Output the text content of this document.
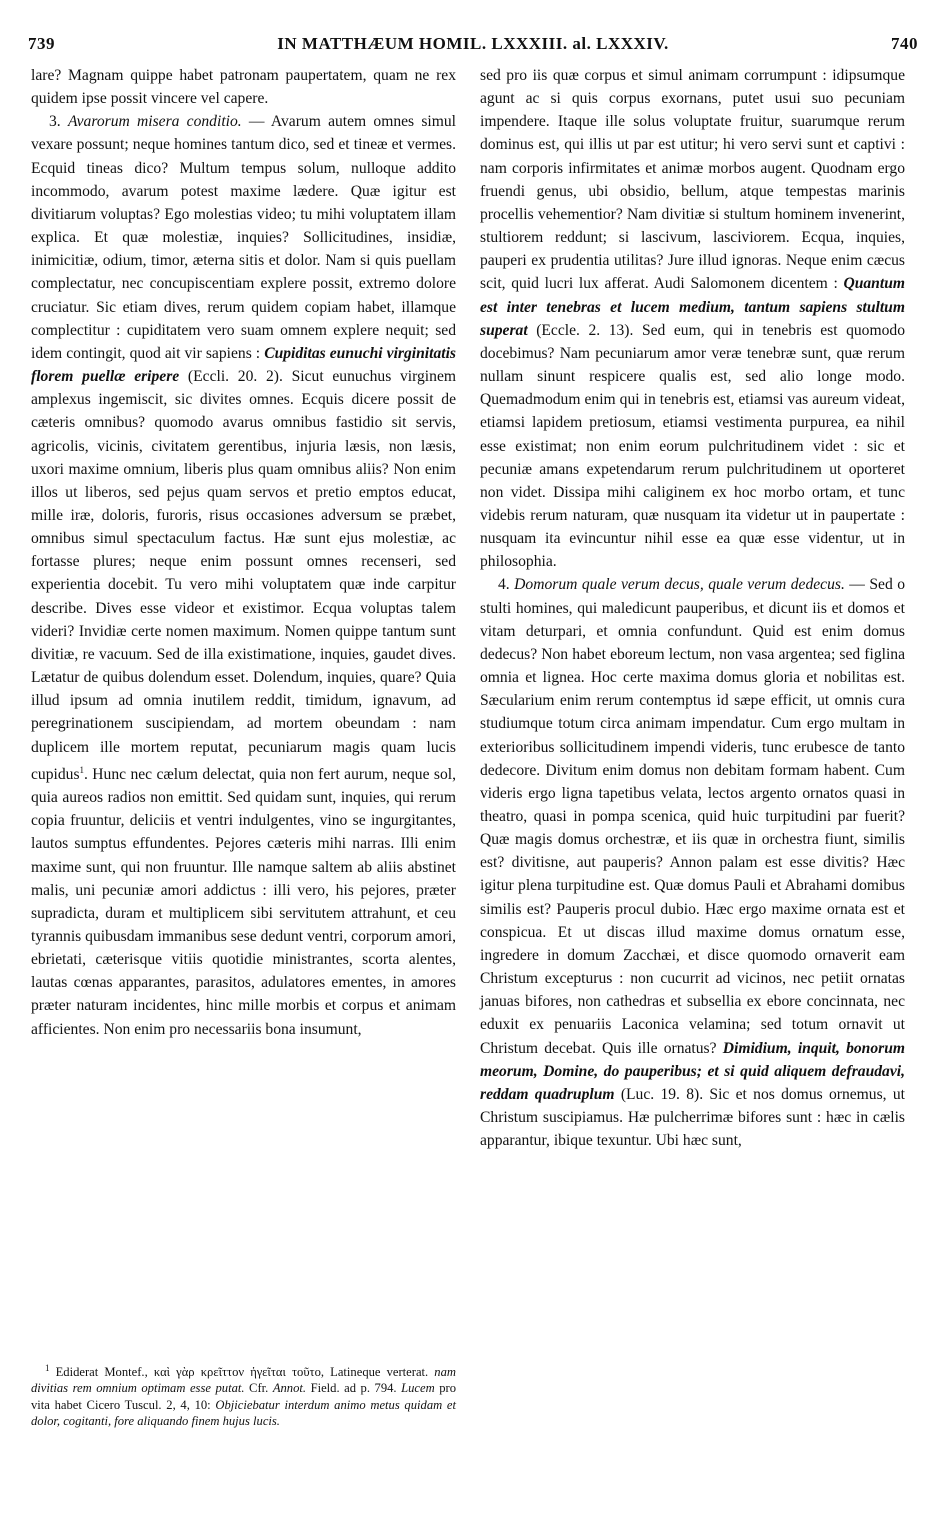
739	IN MATTHÆUM HOMIL. LXXXIII. al. LXXXIV.	740

lare? Magnam quippe habet patronam paupertatem, quam ne rex quidem ipse possit vincere vel capere.

3. Avarorum misera conditio. — Avarum autem omnes simul vexare possunt; neque homines tantum dico, sed et tineæ et vermes. Ecquid tineas dico? Multum tempus solum, nulloque addito incommodo, avarum potest maxime lædere. Quæ igitur est divitiarum voluptas? Ego molestias video; tu mihi voluptatem illam explica. Et quæ molestiæ, inquies? Sollicitudines, insidiæ, inimicitiæ, odium, timor, æterna sitis et dolor. Nam si quis puellam complectatur, nec concupiscentiam explere possit, extremo dolore cruciatur. Sic etiam dives, rerum quidem copiam habet, illamque complectitur : cupiditatem vero suam omnem explere nequit; sed idem contingit, quod ait vir sapiens : Cupiditas eunuchi virginitatis florem puellæ eripere (Eccli. 20. 2). Sicut eunuchus virginem amplexus ingemiscit, sic divites omnes. Ecquis dicere possit de cæteris omnibus? quomodo avarus omnibus fastidio sit servis, agricolis, vicinis, civitatem gerentibus, injuria læsis, non læsis, uxori maxime omnium, liberis plus quam omnibus aliis? Non enim illos ut liberos, sed pejus quam servos et pretio emptos educat, mille iræ, doloris, furoris, risus occasiones adversum se præbet, omnibus simul spectaculum factus. Hæ sunt ejus molestiæ, ac fortasse plures; neque enim possunt omnes recenseri, sed experientia docebit. Tu vero mihi voluptatem quæ inde carpitur describe. Dives esse videor et existimor. Ecqua voluptas talem videri? Invidiæ certe nomen maximum. Nomen quippe tantum sunt divitiæ, re vacuum. Sed de illa existimatione, inquies, gaudet dives. Lætatur de quibus dolendum esset. Dolendum, inquies, quare? Quia illud ipsum ad omnia inutilem reddit, timidum, ignavum, ad peregrinationem suscipiendam, ad mortem obeundam : nam duplicem ille mortem reputat, pecuniarum magis quam lucis cupidus$^1$. Hunc nec cælum delectat, quia non fert aurum, neque sol, quia aureos radios non emittit. Sed quidam sunt, inquies, qui rerum copia fruuntur, deliciis et ventri indulgentes, vino se ingurgitantes, lautos sumptus effundentes. Pejores cæteris mihi narras. Illi enim maxime sunt, qui non fruuntur. Ille namque saltem ab aliis abstinet malis, uni pecuniæ amori addictus : illi vero, his pejores, præter supradicta, duram et multiplicem sibi servitutem attrahunt, et ceu tyrannis quibusdam immanibus sese dedunt ventri, corporum amori, ebrietati, cæterisque vitiis quotidie ministrantes, scorta alentes, lautas cœnas apparantes, parasitos, adulatores ementes, in amores præter naturam incidentes, hinc mille morbis et corpus et animam afficientes. Non enim pro necessariis bona insumunt,

$^1$ Ediderat Montef., καὶ γὰρ κρεῖττον ἡγεῖται τοῦτο, Latineque verterat. nam divitias rem omnium optimam esse putat. Cfr. Annot. Field. ad p. 794. Lucem pro vita habet Cicero Tuscul. 2, 4, 10: Objiciebatur interdum animo metus quidam et dolor, cogitanti, fore aliquando finem hujus lucis.

sed pro iis quæ corpus et simul animam corrumpunt : idipsumque agunt ac si quis corpus exornans, putet usui suo pecuniam impendere. Itaque ille solus voluptate fruitur, suarumque rerum dominus est, qui illis ut par est utitur; hi vero servi sunt et captivi : nam corporis infirmitates et animæ morbos augent. Quodnam ergo fruendi genus, ubi obsidio, bellum, atque tempestas marinis procellis vehementior? Nam divitiæ si stultum hominem invenerint, stultiorem reddunt; si lascivum, lasciviorem. Ecqua, inquies, pauperi ex prudentia utilitas? Jure illud ignoras. Neque enim cæcus scit, quid lucri lux afferat. Audi Salomonem dicentem : Quantum est inter tenebras et lucem medium, tantum sapiens stultum superat (Eccle. 2. 13). Sed eum, qui in tenebris est quomodo docebimus? Nam pecuniarum amor veræ tenebræ sunt, quæ rerum nullam sinunt respicere qualis est, sed alio longe modo. Quemadmodum enim qui in tenebris est, etiamsi vas aureum videat, etiamsi lapidem pretiosum, etiamsi vestimenta purpurea, ea nihil esse existimat; non enim eorum pulchritudinem videt : sic et pecuniæ amans expetendarum rerum pulchritudinem ut oporteret non videt. Dissipa mihi caliginem ex hoc morbo ortam, et tunc videbis rerum naturam, quæ nusquam ita videtur ut in paupertate : nusquam ita evincuntur nihil esse ea quæ esse videntur, ut in philosophia.

4. Domorum quale verum decus, quale verum dedecus. — Sed o stulti homines, qui maledicunt pauperibus, et dicunt iis et domos et vitam deturpari, et omnia confundunt. Quid est enim domus dedecus? Non habet eboreum lectum, non vasa argentea; sed figlina omnia et lignea. Hoc certe maxima domus gloria et nobilitas est. Sæcularium enim rerum contemptus id sæpe efficit, ut omnis cura studiumque totum circa animam impendatur. Cum ergo multam in exterioribus sollicitudinem impendi videris, tunc erubesce de tanto dedecore. Divitum enim domus non debitam formam habent. Cum videris ergo ligna tapetibus velata, lectos argento ornatos quasi in theatro, quasi in pompa scenica, quid huic turpitudini par fuerit? Quæ magis domus orchestræ, et iis quæ in orchestra fiunt, similis est? divitisne, aut pauperis? Annon palam est esse divitis? Hæc igitur plena turpitudine est. Quæ domus Pauli et Abrahami domibus similis est? Pauperis procul dubio. Hæc ergo maxime ornata est et conspicua. Et ut discas illud maxime domus ornatum esse, ingredere in domum Zacchæi, et disce quomodo ornaverit eam Christum excepturus : non cucurrit ad vicinos, nec petiit ornatas januas bifores, non cathedras et subsellia ex ebore concinnata, nec eduxit ex penuariis Laconica velamina; sed totum ornavit ut Christum decebat. Quis ille ornatus? Dimidium, inquit, bonorum meorum, Domine, do pauperibus; et si quid aliquem defraudavi, reddam quadruplum (Luc. 19. 8). Sic et nos domus ornemus, ut Christum suscipiamus. Hæ pulcherrimæ bifores sunt : hæc in cælis apparantur, ibique texuntur. Ubi hæc sunt,
